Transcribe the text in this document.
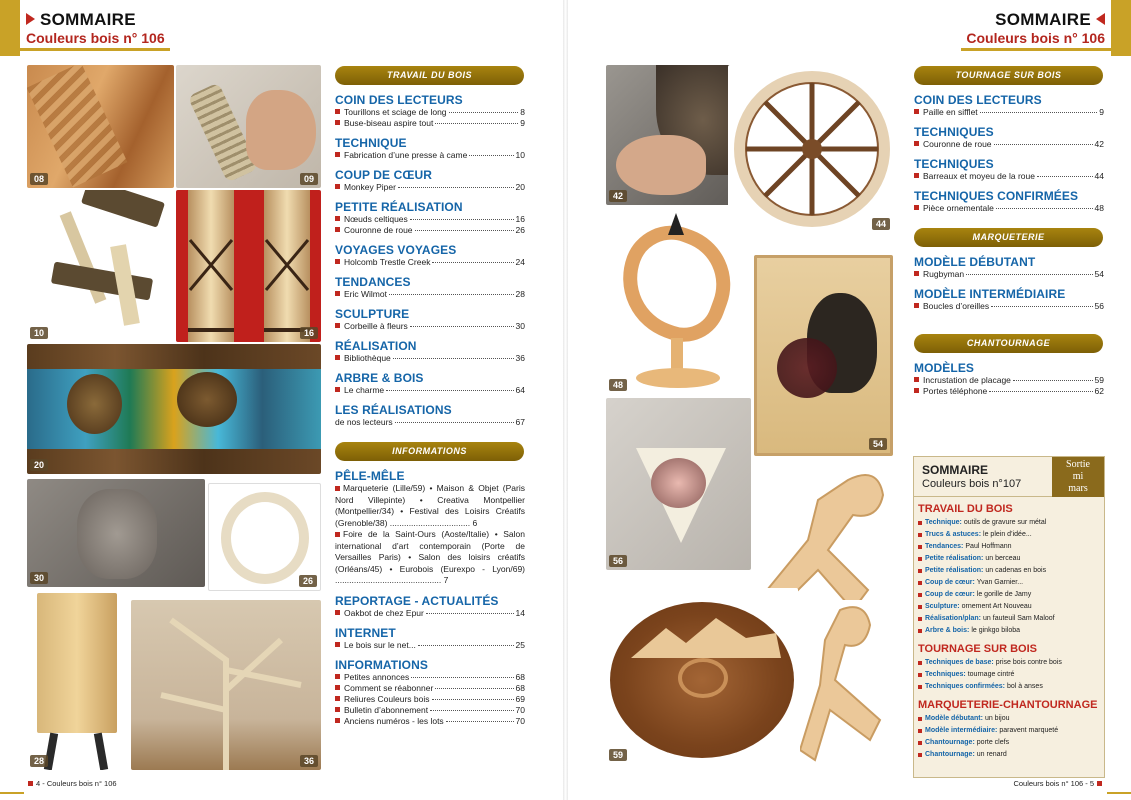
SOMMAIRE
Couleurs bois n° 106
SOMMAIRE
Couleurs bois n° 106
08	09
10	16
20
30	26
28	36
TRAVAIL DU BOIS
COIN DES LECTEURS
Tourillons et sciage de long	8
Buse-biseau aspire tout	9
TECHNIQUE
Fabrication d’une presse à came	10
COUP DE CŒUR
Monkey Piper	20
PETITE RÉALISATION
Nœuds celtiques	16
Couronne de roue	26
VOYAGES VOYAGES
Holcomb Trestle Creek	24
TENDANCES
Eric Wilmot	28
SCULPTURE
Corbeille à fleurs	30
RÉALISATION
Bibliothèque	36
ARBRE & BOIS
Le charme	64
LES RÉALISATIONS
de nos lecteurs	67
INFORMATIONS
PÊLE-MÊLE
Marqueterie (Lille/59) • Maison & Objet (Paris Nord Villepinte) • Creativa Montpellier (Montpellier/34) • Festival des Loisirs Créatifs (Grenoble/38) .................................. 6
Foire de la Saint-Ours (Aoste/Italie) • Salon international d’art contemporain (Porte de Versailles Paris) • Salon des loisirs créatifs (Orléans/45) • Eurobois (Eurexpo - Lyon/69) ............................................. 7
REPORTAGE - ACTUALITÉS
Oakbot de chez Epur	14
INTERNET
Le bois sur le net...	25
INFORMATIONS
Petites annonces	68
Comment se réabonner	68
Reliures Couleurs bois	69
Bulletin d’abonnement	70
Anciens numéros - les lots	70
42
44
48
54
56
59
TOURNAGE SUR BOIS
COIN DES LECTEURS
Paille en sifflet	9
TECHNIQUES
Couronne de roue	42
TECHNIQUES
Barreaux et moyeu de la roue	44
TECHNIQUES CONFIRMÉES
Pièce ornementale	48
MARQUETERIE
MODÈLE DÉBUTANT
Rugbyman	54
MODÈLE INTERMÉDIAIRE
Boucles d’oreilles	56
CHANTOURNAGE
MODÈLES
Incrustation de placage	59
Portes téléphone	62
SOMMAIRE
Couleurs bois n°107
Sortie
mi
mars
TRAVAIL DU BOIS
Technique: outils de gravure sur métal
Trucs & astuces: le plein d’idée...
Tendances: Paul Hoffmann
Petite réalisation: un berceau
Petite réalisation: un cadenas en bois
Coup de cœur: Yvan Garnier...
Coup de cœur: le gorille de Jamy
Sculpture: ornement Art Nouveau
Réalisation/plan: un fauteuil Sam Maloof
Arbre & bois: le ginkgo biloba
TOURNAGE SUR BOIS
Techniques de base: prise bois contre bois
Techniques: tournage cintré
Techniques confirmées: bol à anses
MARQUETERIE-CHANTOURNAGE
Modèle débutant: un bijou
Modèle intermédiaire: paravent marqueté
Chantournage: porte clefs
Chantournage: un renard
4 - Couleurs bois n° 106	Couleurs bois n° 106 - 5
